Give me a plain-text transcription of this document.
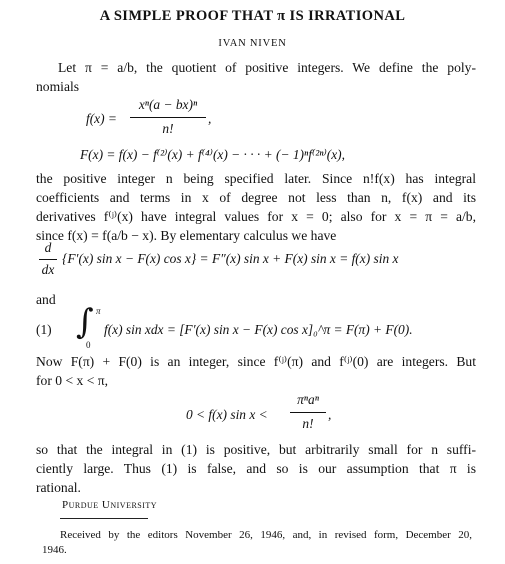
A SIMPLE PROOF THAT π IS IRRATIONAL
IVAN NIVEN
Let π = a/b, the quotient of positive integers. We define the poly-
nomials
f(x) =
xⁿ(a − bx)ⁿ
n!
,
F(x) = f(x) − f⁽²⁾(x) + f⁽⁴⁾(x) − · · · + (− 1)ⁿf⁽²ⁿ⁾(x),
the positive integer n being specified later. Since n!f(x) has integral
coefficients and terms in x of degree not less than n, f(x) and its
derivatives f⁽ʲ⁾(x) have integral values for x = 0; also for x = π = a/b,
since f(x) = f(a/b − x). By elementary calculus we have
d
dx
{F′(x) sin x − F(x) cos x} = F″(x) sin x + F(x) sin x = f(x) sin x
and
(1) ∫ π
0
f(x) sin xdx = [F′(x) sin x − F(x) cos x]₀^π = F(π) + F(0).
Now F(π) + F(0) is an integer, since f⁽ʲ⁾(π) and f⁽ʲ⁾(0) are integers. But
for 0 < x < π,
0 < f(x) sin x <
πⁿaⁿ
n!
,
so that the integral in (1) is positive, but arbitrarily small for n suffi-
ciently large. Thus (1) is false, and so is our assumption that π is
rational.
Purdue University
Received by the editors November 26, 1946, and, in revised form, December 20,
1946.
